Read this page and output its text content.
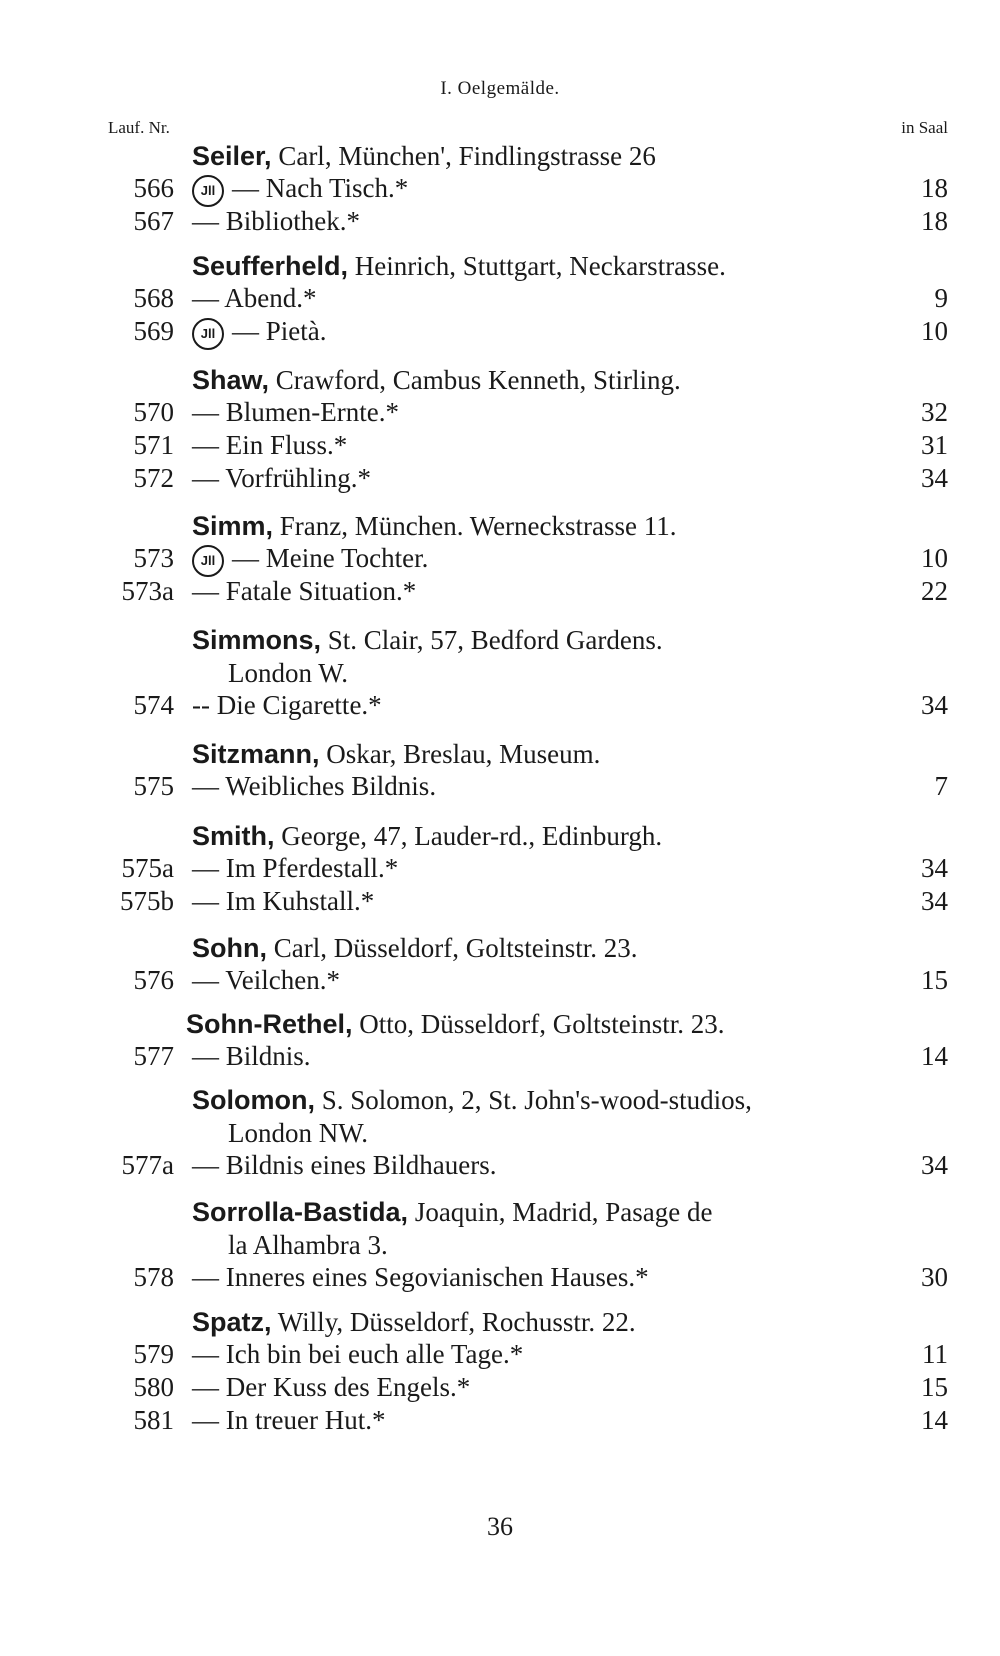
I. Oelgemälde.
Lauf. Nr.	in Saal
Seiler, Carl, München', Findlingstrasse 26
566	Jll — Nach Tisch.*	18
567 — Bibliothek.*	18
Seufferheld, Heinrich, Stuttgart, Neckarstrasse.
568 — Abend.*	9
569	Jll — Pietà.	10
Shaw, Crawford, Cambus Kenneth, Stirling.
570 — Blumen-Ernte.*	32
571 — Ein Fluss.*	31
572 — Vorfrühling.*	34
Simm, Franz, München. Werneckstrasse 11.
573	Jll — Meine Tochter.	10
573a — Fatale Situation.*	22
Simmons, St. Clair, 57, Bedford Gardens.
London W.
574 -- Die Cigarette.*	34
Sitzmann, Oskar, Breslau, Museum.
575 — Weibliches Bildnis.	7
Smith, George, 47, Lauder-rd., Edinburgh.
575a — Im Pferdestall.*	34
575b — Im Kuhstall.*	34
Sohn, Carl, Düsseldorf, Goltsteinstr. 23.
576 — Veilchen.*	15
Sohn-Rethel, Otto, Düsseldorf, Goltsteinstr. 23.
577 — Bildnis.	14
Solomon, S. Solomon, 2, St. John's-wood-studios,
London NW.
577a — Bildnis eines Bildhauers.	34
Sorrolla-Bastida, Joaquin, Madrid, Pasage de
la Alhambra 3.
578 — Inneres eines Segovianischen Hauses.*	30
Spatz, Willy, Düsseldorf, Rochusstr. 22.
579 — Ich bin bei euch alle Tage.*	11
580 — Der Kuss des Engels.*	15
581 — In treuer Hut.*	14
36
